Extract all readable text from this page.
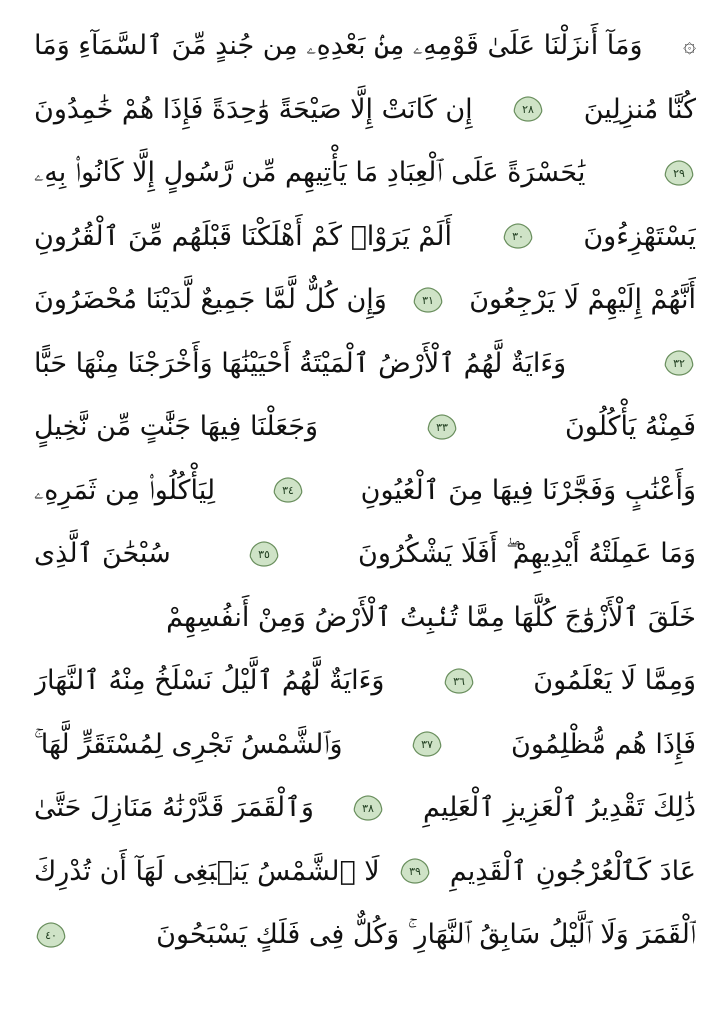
۞
وَمَآ أَنزَلْنَا عَلَىٰ قَوْمِهِۦ مِنۢ بَعْدِهِۦ مِن جُندٍ مِّنَ ٱلسَّمَآءِ وَمَا
كُنَّا مُنزِلِينَ
٢٨
إِن كَانَتْ إِلَّا صَيْحَةً وَٰحِدَةً فَإِذَا هُمْ خَٰمِدُونَ
٢٩
يَٰحَسْرَةً عَلَى ٱلْعِبَادِ مَا يَأْتِيهِم مِّن رَّسُولٍ إِلَّا كَانُوا۟ بِهِۦ
يَسْتَهْزِءُونَ
٣٠
أَلَمْ يَرَوْا۟ كَمْ أَهْلَكْنَا قَبْلَهُم مِّنَ ٱلْقُرُونِ
أَنَّهُمْ إِلَيْهِمْ لَا يَرْجِعُونَ
٣١
وَإِن كُلٌّ لَّمَّا جَمِيعٌ لَّدَيْنَا مُحْضَرُونَ
٣٢
وَءَايَةٌ لَّهُمُ ٱلْأَرْضُ ٱلْمَيْتَةُ أَحْيَيْنَٰهَا وَأَخْرَجْنَا مِنْهَا حَبًّا
فَمِنْهُ يَأْكُلُونَ
٣٣
وَجَعَلْنَا فِيهَا جَنَّٰتٍ مِّن نَّخِيلٍ
وَأَعْنَٰبٍ وَفَجَّرْنَا فِيهَا مِنَ ٱلْعُيُونِ
٣٤
لِيَأْكُلُوا۟ مِن ثَمَرِهِۦ
وَمَا عَمِلَتْهُ أَيْدِيهِمْ ۖ أَفَلَا يَشْكُرُونَ
٣٥
سُبْحَٰنَ ٱلَّذِى
خَلَقَ ٱلْأَزْوَٰجَ كُلَّهَا مِمَّا تُنۢبِتُ ٱلْأَرْضُ وَمِنْ أَنفُسِهِمْ
وَمِمَّا لَا يَعْلَمُونَ
٣٦
وَءَايَةٌ لَّهُمُ ٱلَّيْلُ نَسْلَخُ مِنْهُ ٱلنَّهَارَ
فَإِذَا هُم مُّظْلِمُونَ
٣٧
وَٱلشَّمْسُ تَجْرِى لِمُسْتَقَرٍّ لَّهَا ۚ
ذَٰلِكَ تَقْدِيرُ ٱلْعَزِيزِ ٱلْعَلِيمِ
٣٨
وَٱلْقَمَرَ قَدَّرْنَٰهُ مَنَازِلَ حَتَّىٰ
عَادَ كَٱلْعُرْجُونِ ٱلْقَدِيمِ
٣٩
لَا ٱلشَّمْسُ يَنۢبَغِى لَهَآ أَن تُدْرِكَ
ٱلْقَمَرَ وَلَا ٱلَّيْلُ سَابِقُ ٱلنَّهَارِ ۚ وَكُلٌّ فِى فَلَكٍ يَسْبَحُونَ
٤٠
